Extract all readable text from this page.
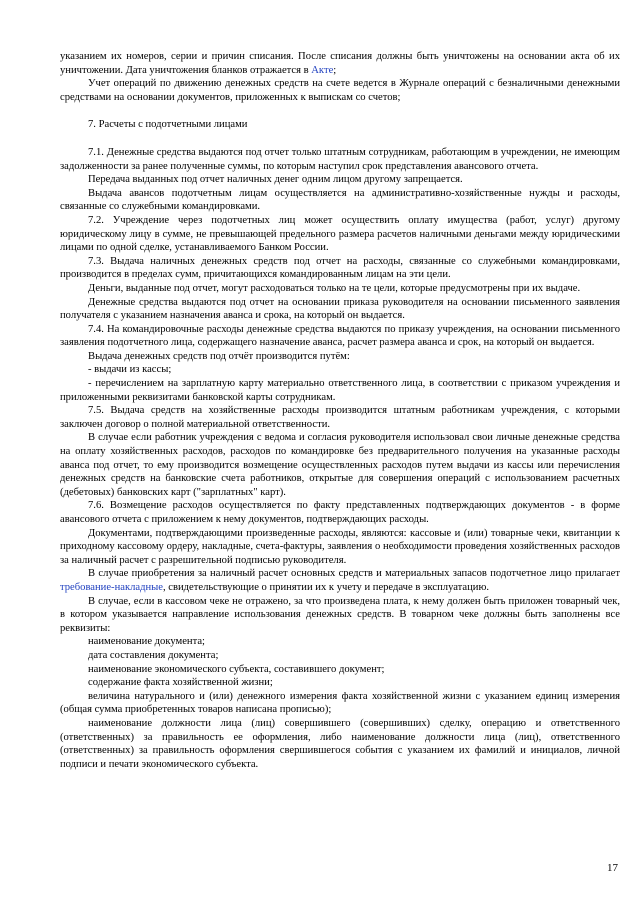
указанием их номеров, серии и причин списания. После списания должны быть уничтожены на основании акта об их уничтожении. Дата уничтожения бланков отражается в Акте;

Учет операций по движению денежных средств на счете ведется в Журнале операций с безналичными денежными средствами на основании документов, приложенных к выпискам со счетов;

7. Расчеты с подотчетными лицами

7.1. Денежные средства выдаются под отчет только штатным сотрудникам, работающим в учреждении, не имеющим задолженности за ранее полученные суммы, по которым наступил срок представления авансового отчета.

Передача выданных под отчет наличных денег одним лицом другому запрещается.

Выдача авансов подотчетным лицам осуществляется на административно-хозяйственные нужды и расходы, связанные со служебными командировками.

7.2. Учреждение через подотчетных лиц может осуществить оплату имущества (работ, услуг) другому юридическому лицу в сумме, не превышающей предельного размера расчетов наличными деньгами между юридическими лицами по одной сделке, устанавливаемого Банком России.

7.3. Выдача наличных денежных средств под отчет на расходы, связанные со служебными командировками, производится в пределах сумм, причитающихся командированным лицам на эти цели.

Деньги, выданные под отчет, могут расходоваться только на те цели, которые предусмотрены при их выдаче.

Денежные средства выдаются под отчет на основании приказа руководителя на основании письменного заявления получателя с указанием назначения аванса и срока, на который он выдается.

7.4. На командировочные расходы денежные средства выдаются по приказу учреждения, на основании письменного заявления подотчетного лица, содержащего назначение аванса, расчет размера аванса и срок, на который он выдается.

Выдача денежных средств под отчёт производится путём:

- выдачи из кассы;

- перечислением на зарплатную карту материально ответственного лица, в соответствии с приказом учреждения и приложенными реквизитами банковской карты сотрудникам.

7.5. Выдача средств на хозяйственные расходы производится штатным работникам учреждения, с которыми заключен договор о полной материальной ответственности.

В случае если работник учреждения с ведома и согласия руководителя использовал свои личные денежные средства на оплату хозяйственных расходов, расходов по командировке без предварительного получения на указанные расходы аванса под отчет, то ему производится возмещение осуществленных расходов путем выдачи из кассы или перечисления денежных средств на банковские счета работников, открытые для совершения операций с использованием расчетных (дебетовых) банковских карт ("зарплатных" карт).

7.6. Возмещение расходов осуществляется по факту представленных подтверждающих документов - в форме авансового отчета с приложением к нему документов, подтверждающих расходы.

Документами, подтверждающими произведенные расходы, являются: кассовые и (или) товарные чеки, квитанции к приходному кассовому ордеру, накладные, счета-фактуры, заявления о необходимости проведения хозяйственных расходов за наличный расчет с разрешительной подписью руководителя.

В случае приобретения за наличный расчет основных средств и материальных запасов подотчетное лицо прилагает требование-накладные, свидетельствующие о принятии их к учету и передаче в эксплуатацию.

В случае, если в кассовом чеке не отражено, за что произведена плата, к нему должен быть приложен товарный чек, в котором указывается направление использования денежных средств. В товарном чеке должны быть заполнены все реквизиты:

наименование документа;

дата составления документа;

наименование экономического субъекта, составившего документ;

содержание факта хозяйственной жизни;

величина натурального и (или) денежного измерения факта хозяйственной жизни с указанием единиц измерения (общая сумма приобретенных товаров написана прописью);

наименование должности лица (лиц) совершившего (совершивших) сделку, операцию и ответственного (ответственных) за правильность ее оформления, либо наименование должности лица (лиц), ответственного (ответственных) за правильность оформления свершившегося события с указанием их фамилий и инициалов, личной подписи и печати экономического субъекта.

17
